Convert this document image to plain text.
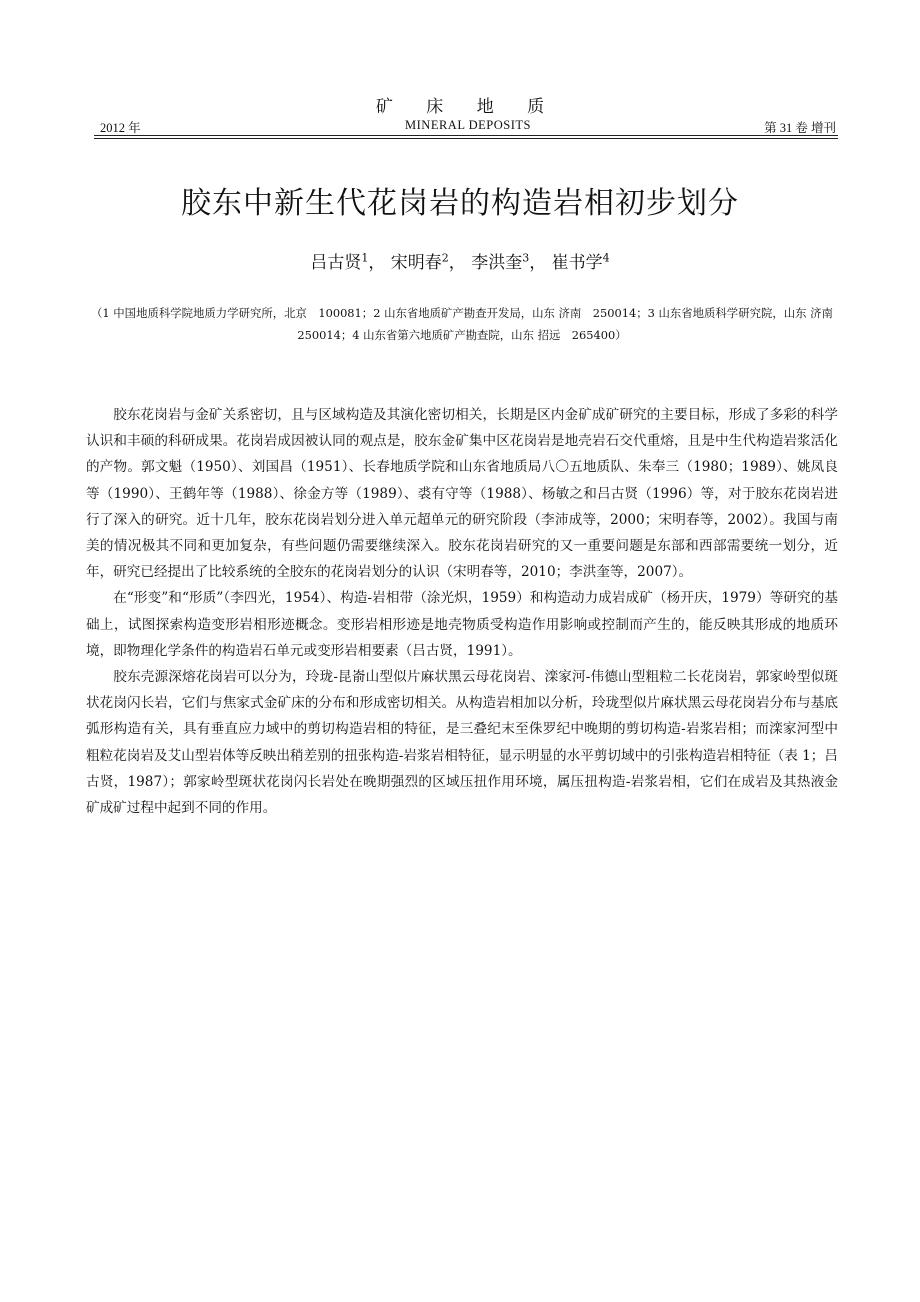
矿 床 地 质
2012 年	MINERAL DEPOSITS	第 31 卷 增刊
胶东中新生代花岗岩的构造岩相初步划分
吕古贤$^1$， 宋明春$^2$， 李洪奎$^3$， 崔书学$^4$
（1 中国地质科学院地质力学研究所，北京　100081；2 山东省地质矿产勘查开发局，山东 济南　250014；3 山东省地质科学研究院，山东 济南　250014；4 山东省第六地质矿产勘查院，山东 招远　265400）

胶东花岗岩与金矿关系密切，且与区域构造及其演化密切相关，长期是区内金矿成矿研究的主要目标，形成了多彩的科学认识和丰硕的科研成果。花岗岩成因被认同的观点是，胶东金矿集中区花岗岩是地壳岩石交代重熔，且是中生代构造岩浆活化的产物。郭文魁（1950）、刘国昌（1951）、长春地质学院和山东省地质局八〇五地质队、朱奉三（1980；1989）、姚凤良等（1990）、王鹤年等（1988）、徐金方等（1989）、裘有守等（1988）、杨敏之和吕古贤（1996）等，对于胶东花岗岩进行了深入的研究。近十几年，胶东花岗岩划分进入单元超单元的研究阶段（李沛成等，2000；宋明春等，2002）。我国与南美的情况极其不同和更加复杂，有些问题仍需要继续深入。胶东花岗岩研究的又一重要问题是东部和西部需要统一划分，近年，研究已经提出了比较系统的全胶东的花岗岩划分的认识（宋明春等，2010；李洪奎等，2007）。

在“形变”和“形质”（李四光，1954）、构造-岩相带（涂光炽，1959）和构造动力成岩成矿（杨开庆，1979）等研究的基础上，试图探索构造变形岩相形迹概念。变形岩相形迹是地壳物质受构造作用影响或控制而产生的，能反映其形成的地质环境，即物理化学条件的构造岩石单元或变形岩相要素（吕古贤，1991）。

胶东壳源深熔花岗岩可以分为，玲珑-昆嵛山型似片麻状黑云母花岗岩、滦家河-伟德山型粗粒二长花岗岩，郭家岭型似斑状花岗闪长岩，它们与焦家式金矿床的分布和形成密切相关。从构造岩相加以分析，玲珑型似片麻状黑云母花岗岩分布与基底弧形构造有关，具有垂直应力域中的剪切构造岩相的特征，是三叠纪末至侏罗纪中晚期的剪切构造-岩浆岩相；而滦家河型中粗粒花岗岩及艾山型岩体等反映出稍差别的扭张构造-岩浆岩相特征，显示明显的水平剪切域中的引张构造岩相特征（表 1；吕古贤，1987）；郭家岭型斑状花岗闪长岩处在晚期强烈的区域压扭作用环境，属压扭构造-岩浆岩相，它们在成岩及其热液金矿成矿过程中起到不同的作用。
